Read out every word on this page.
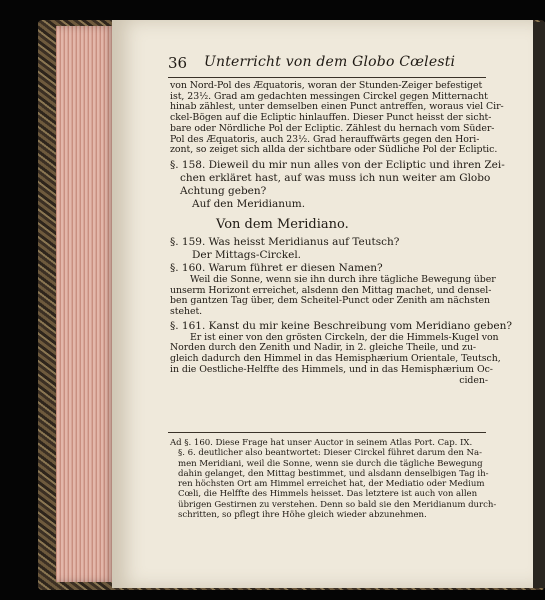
36 Unterricht von dem Globo Cœlesti
von Nord-Pol des Æquatoris, woran der Stunden-Zeiger befestiget
ist, 23½. Grad am gedachten messingen Circkel gegen Mitternacht
hinab zählest, unter demselben einen Punct antreffen, woraus viel Cir-
ckel-Bögen auf die Ecliptic hinlauffen. Dieser Punct heisst der sicht-
bare oder Nördliche Pol der Ecliptic. Zählest du hernach vom Süder-
Pol des Æquatoris, auch 23½. Grad herauffwärts gegen den Hori-
zont, so zeiget sich allda der sichtbare oder Südliche Pol der Ecliptic.
§. 158. Dieweil du mir nun alles von der Ecliptic und ihren Zei-
chen erkläret hast, auf was muss ich nun weiter am Globo
Achtung geben?
Auf den Meridianum.
Von dem Meridiano.
§. 159. Was heisst Meridianus auf Teutsch?
Der Mittags-Circkel.
§. 160. Warum führet er diesen Namen?
Weil die Sonne, wenn sie ihn durch ihre tägliche Bewegung über
unserm Horizont erreichet, alsdenn den Mittag machet, und densel-
ben gantzen Tag über, dem Scheitel-Punct oder Zenith am nächsten
stehet.
§. 161. Kanst du mir keine Beschreibung vom Meridiano geben?
Er ist einer von den grösten Circkeln, der die Himmels-Kugel von
Norden durch den Zenith und Nadir, in 2. gleiche Theile, und zu-
gleich dadurch den Himmel in das Hemisphærium Orientale, Teutsch,
in die Oestliche-Helffte des Himmels, und in das Hemisphærium Oc-
ciden-
Ad §. 160. Diese Frage hat unser Auctor in seinem Atlas Port. Cap. IX.
§. 6. deutlicher also beantwortet: Dieser Circkel führet darum den Na-
men Meridiani, weil die Sonne, wenn sie durch die tägliche Bewegung
dahin gelanget, den Mittag bestimmet, und alsdann denselbigen Tag ih-
ren höchsten Ort am Himmel erreichet hat, der Mediatio oder Medium
Cœli, die Helffte des Himmels heisset. Das letztere ist auch von allen
übrigen Gestirnen zu verstehen. Denn so bald sie den Meridianum durch-
schritten, so pflegt ihre Höhe gleich wieder abzunehmen.
